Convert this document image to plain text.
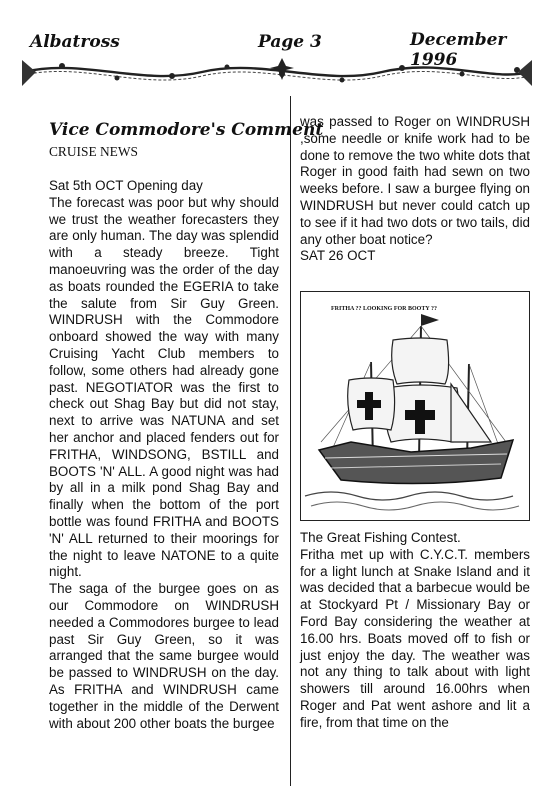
Albatross	Page 3	December 1996
Vice Commodore's Comment
CRUISE NEWS

Sat 5th OCT Opening day

The forecast was poor but why should we trust the weather forecasters they are only human. The day was splendid with a steady breeze. Tight manoeuvring was the order of the day as boats rounded the EGERIA to take the salute from Sir Guy Green. WINDRUSH with the Commodore onboard showed the way with many Cruising Yacht Club members to follow, some others had already gone past. NEGOTIATOR was the first to check out Shag Bay but did not stay, next to arrive was NATUNA and set her anchor and placed fenders out for FRITHA, WINDSONG, BSTILL and BOOTS 'N' ALL. A good night was had by all in a milk pond Shag Bay and finally when the bottom of the port bottle was found FRITHA and BOOTS 'N' ALL returned to their moorings for the night to leave NATONE to a quite night.

The saga of the burgee goes on as our Commodore on WINDRUSH needed a Commodores burgee to lead past Sir Guy Green, so it was arranged that the same burgee would be passed to WINDRUSH on the day. As FRITHA and WINDRUSH came together in the middle of the Derwent with about 200 other boats the burgee

was passed to Roger on WINDRUSH ,some needle or knife work had to be done to remove the two white dots that Roger in good faith had sewn on two weeks before. I saw a burgee flying on WINDRUSH but never could catch up to see if it had two dots or two tails, did any other boat notice?

SAT 26 OCT

FRITHA ?? LOOKING FOR BOOTY ??

The Great Fishing Contest.

Fritha met up with C.Y.C.T. members for a light lunch at Snake Island and it was decided that a barbecue would be at Stockyard Pt / Missionary Bay or Ford Bay considering the weather at 16.00 hrs. Boats moved off to fish or just enjoy the day. The weather was not any thing to talk about with light showers till around 16.00hrs when Roger and Pat went ashore and lit a fire, from that time on the
